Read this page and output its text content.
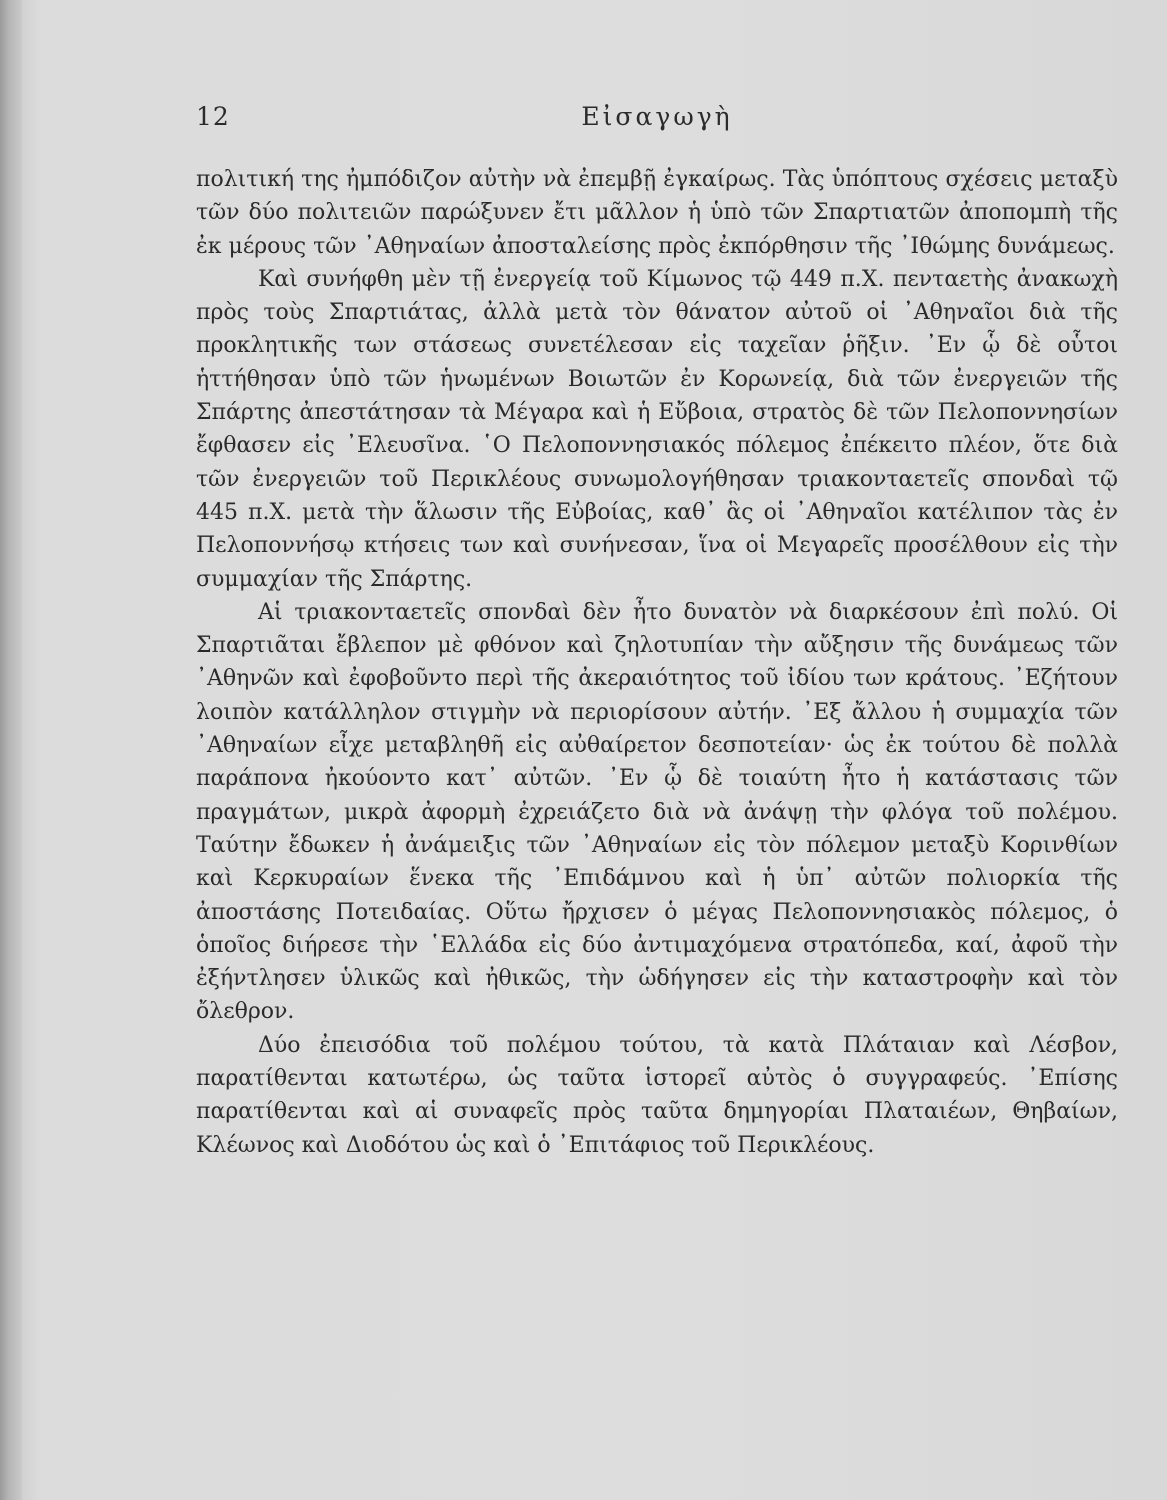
12	Εἰσαγωγὴ

πολιτική της ἠμπόδιζον αὐτὴν νὰ ἐπεμβῇ ἐγκαίρως. Τὰς ὑπόπτους σχέσεις μεταξὺ τῶν δύο πολιτειῶν παρώξυνεν ἔτι μᾶλλον ἡ ὑπὸ τῶν Σπαρτιατῶν ἀποπομπὴ τῆς ἐκ μέρους τῶν ᾿Αθηναίων ἀποσταλείσης πρὸς ἐκπόρθησιν τῆς ᾿Ιθώμης δυνάμεως.

Καὶ συνήφθη μὲν τῇ ἐνεργείᾳ τοῦ Κίμωνος τῷ 449 π.Χ. πενταετὴς ἀνακωχὴ πρὸς τοὺς Σπαρτιάτας, ἀλλὰ μετὰ τὸν θάνατον αὐτοῦ οἱ ᾿Αθηναῖοι διὰ τῆς προκλητικῆς των στάσεως συνετέλεσαν εἰς ταχεῖαν ῥῆξιν. ᾿Εν ᾧ δὲ οὗτοι ἡττήθησαν ὑπὸ τῶν ἡνωμένων Βοιωτῶν ἐν Κορωνείᾳ, διὰ τῶν ἐνεργειῶν τῆς Σπάρτης ἀπεστάτησαν τὰ Μέγαρα καὶ ἡ Εὔβοια, στρατὸς δὲ τῶν Πελοποννησίων ἔφθασεν εἰς ᾿Ελευσῖνα. ῾Ο Πελοποννησιακός πόλεμος ἐπέκειτο πλέον, ὅτε διὰ τῶν ἐνεργειῶν τοῦ Περικλέους συνωμολογήθησαν τριακονταετεῖς σπονδαὶ τῷ 445 π.Χ. μετὰ τὴν ἅλωσιν τῆς Εὐβοίας, καθ᾿ ἃς οἱ ᾿Αθηναῖοι κατέλιπον τὰς ἐν Πελοποννήσῳ κτήσεις των καὶ συνήνεσαν, ἵνα οἱ Μεγαρεῖς προσέλθουν εἰς τὴν συμμαχίαν τῆς Σπάρτης.

Αἱ τριακονταετεῖς σπονδαὶ δὲν ἦτο δυνατὸν νὰ διαρκέσουν ἐπὶ πολύ. Οἱ Σπαρτιᾶται ἔβλεπον μὲ φθόνον καὶ ζηλοτυπίαν τὴν αὔξησιν τῆς δυνάμεως τῶν ᾿Αθηνῶν καὶ ἐφοβοῦντο περὶ τῆς ἀκεραιότητος τοῦ ἰδίου των κράτους. ᾿Εζήτουν λοιπὸν κατάλληλον στιγμὴν νὰ περιορίσουν αὐτήν. ᾿Εξ ἄλλου ἡ συμμαχία τῶν ᾿Αθηναίων εἶχε μεταβληθῆ εἰς αὐθαίρετον δεσποτείαν· ὡς ἐκ τούτου δὲ πολλὰ παράπονα ἠκούοντο κατ᾿ αὐτῶν. ᾿Εν ᾧ δὲ τοιαύτη ἦτο ἡ κατάστασις τῶν πραγμάτων, μικρὰ ἀφορμὴ ἐχρειάζετο διὰ νὰ ἀνάψῃ τὴν φλόγα τοῦ πολέμου. Ταύτην ἔδωκεν ἡ ἀνάμειξις τῶν ᾿Αθηναίων εἰς τὸν πόλεμον μεταξὺ Κορινθίων καὶ Κερκυραίων ἕνεκα τῆς ᾿Επιδάμνου καὶ ἡ ὑπ᾿ αὐτῶν πολιορκία τῆς ἀποστάσης Ποτειδαίας. Οὕτω ἤρχισεν ὁ μέγας Πελοποννησιακὸς πόλεμος, ὁ ὁποῖος διήρεσε τὴν ῾Ελλάδα εἰς δύο ἀντιμαχόμενα στρατόπεδα, καί, ἀφοῦ τὴν ἐξήντλησεν ὑλικῶς καὶ ἠθικῶς, τὴν ὡδήγησεν εἰς τὴν καταστροφὴν καὶ τὸν ὄλεθρον.

Δύο ἐπεισόδια τοῦ πολέμου τούτου, τὰ κατὰ Πλάταιαν καὶ Λέσβον, παρατίθενται κατωτέρω, ὡς ταῦτα ἱστορεῖ αὐτὸς ὁ συγγραφεύς. ᾿Επίσης παρατίθενται καὶ αἱ συναφεῖς πρὸς ταῦτα δημηγορίαι Πλαταιέων, Θηβαίων, Κλέωνος καὶ Διοδότου ὡς καὶ ὁ ᾿Επιτάφιος τοῦ Περικλέους.
